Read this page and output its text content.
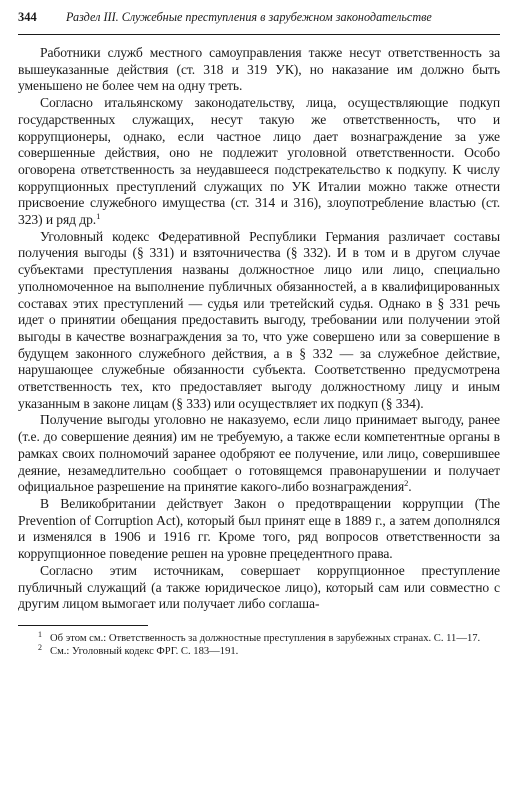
344	Раздел III. Служебные преступления в зарубежном законодательстве

Работники служб местного самоуправления также несут ответственность за вышеуказанные действия (ст. 318 и 319 УК), но наказание им должно быть уменьшено не более чем на одну треть.

Согласно итальянскому законодательству, лица, осуществляющие подкуп государственных служащих, несут такую же ответственность, что и коррупционеры, однако, если частное лицо дает вознаграждение за уже совершенные действия, оно не подлежит уголовной ответственности. Особо оговорена ответственность за неудавшееся подстрекательство к подкупу. К числу коррупционных преступлений служащих по УК Италии можно также отнести присвоение служебного имущества (ст. 314 и 316), злоупотребление властью (ст. 323) и ряд др.$^1$

Уголовный кодекс Федеративной Республики Германия различает составы получения выгоды (§ 331) и взяточничества (§ 332). И в том и в другом случае субъектами преступления названы должностное лицо или лицо, специально уполномоченное на выполнение публичных обязанностей, а в квалифицированных составах этих преступлений — судья или третейский судья. Однако в § 331 речь идет о принятии обещания предоставить выгоду, требовании или получении этой выгоды в качестве вознаграждения за то, что уже совершено или за совершение в будущем законного служебного действия, а в § 332 — за служебное действие, нарушающее служебные обязанности субъекта. Соответственно предусмотрена ответственность тех, кто предоставляет выгоду должностному лицу и иным указанным в законе лицам (§ 333) или осуществляет их подкуп (§ 334).

Получение выгоды уголовно не наказуемо, если лицо принимает выгоду, ранее (т.е. до совершение деяния) им не требуемую, а также если компетентные органы в рамках своих полномочий заранее одобряют ее получение, или лицо, совершившее деяние, незамедлительно сообщает о готовящемся правонарушении и получает официальное разрешение на принятие какого-либо вознаграждения$^2$.

В Великобритании действует Закон о предотвращении коррупции (The Prevention of Corruption Act), который был принят еще в 1889 г., а затем дополнялся и изменялся в 1906 и 1916 гг. Кроме того, ряд вопросов ответственности за коррупционное поведение решен на уровне прецедентного права.

Согласно этим источникам, совершает коррупционное преступление публичный служащий (а также юридическое лицо), который сам или совместно с другим лицом вымогает или получает либо соглаша-

$^1$ Об этом см.: Ответственность за должностные преступления в зарубежных странах. С. 11—17.

$^2$ См.: Уголовный кодекс ФРГ. С. 183—191.
